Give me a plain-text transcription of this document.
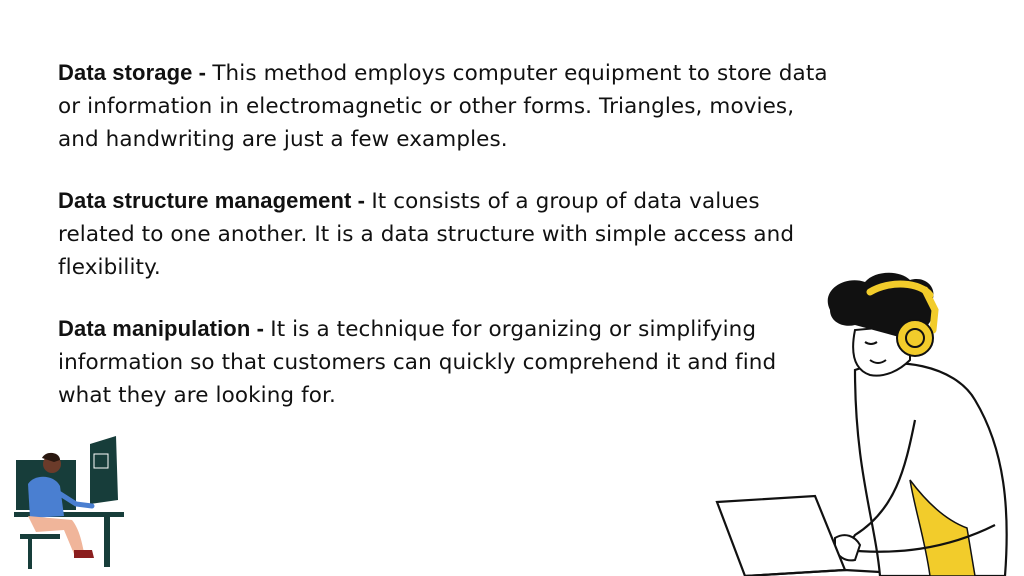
Data storage - This method employs computer equipment to store data or information in electromagnetic or other forms. Triangles, movies, and handwriting are just a few examples.

Data structure management - It consists of a group of data values related to one another. It is a data structure with simple access and flexibility.

Data manipulation - It is a technique for organizing or simplifying information so that customers can quickly comprehend it and find what they are looking for.
